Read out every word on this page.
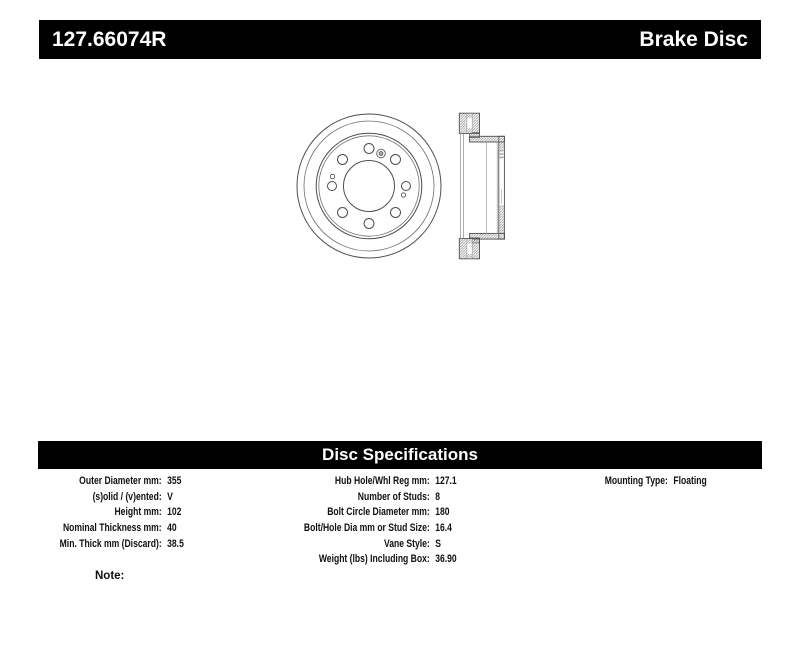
127.66074R	Brake Disc
Disc Specifications
Outer Diameter mm: 355
(s)olid / (v)ented: V
Height mm: 102
Nominal Thickness mm: 40
Min. Thick mm (Discard): 38.5
Hub Hole/Whl Reg mm: 127.1
Number of Studs: 8
Bolt Circle Diameter mm: 180
Bolt/Hole Dia mm or Stud Size: 16.4
Vane Style: S
Weight (lbs) Including Box: 36.90
Mounting Type: Floating
Note:
